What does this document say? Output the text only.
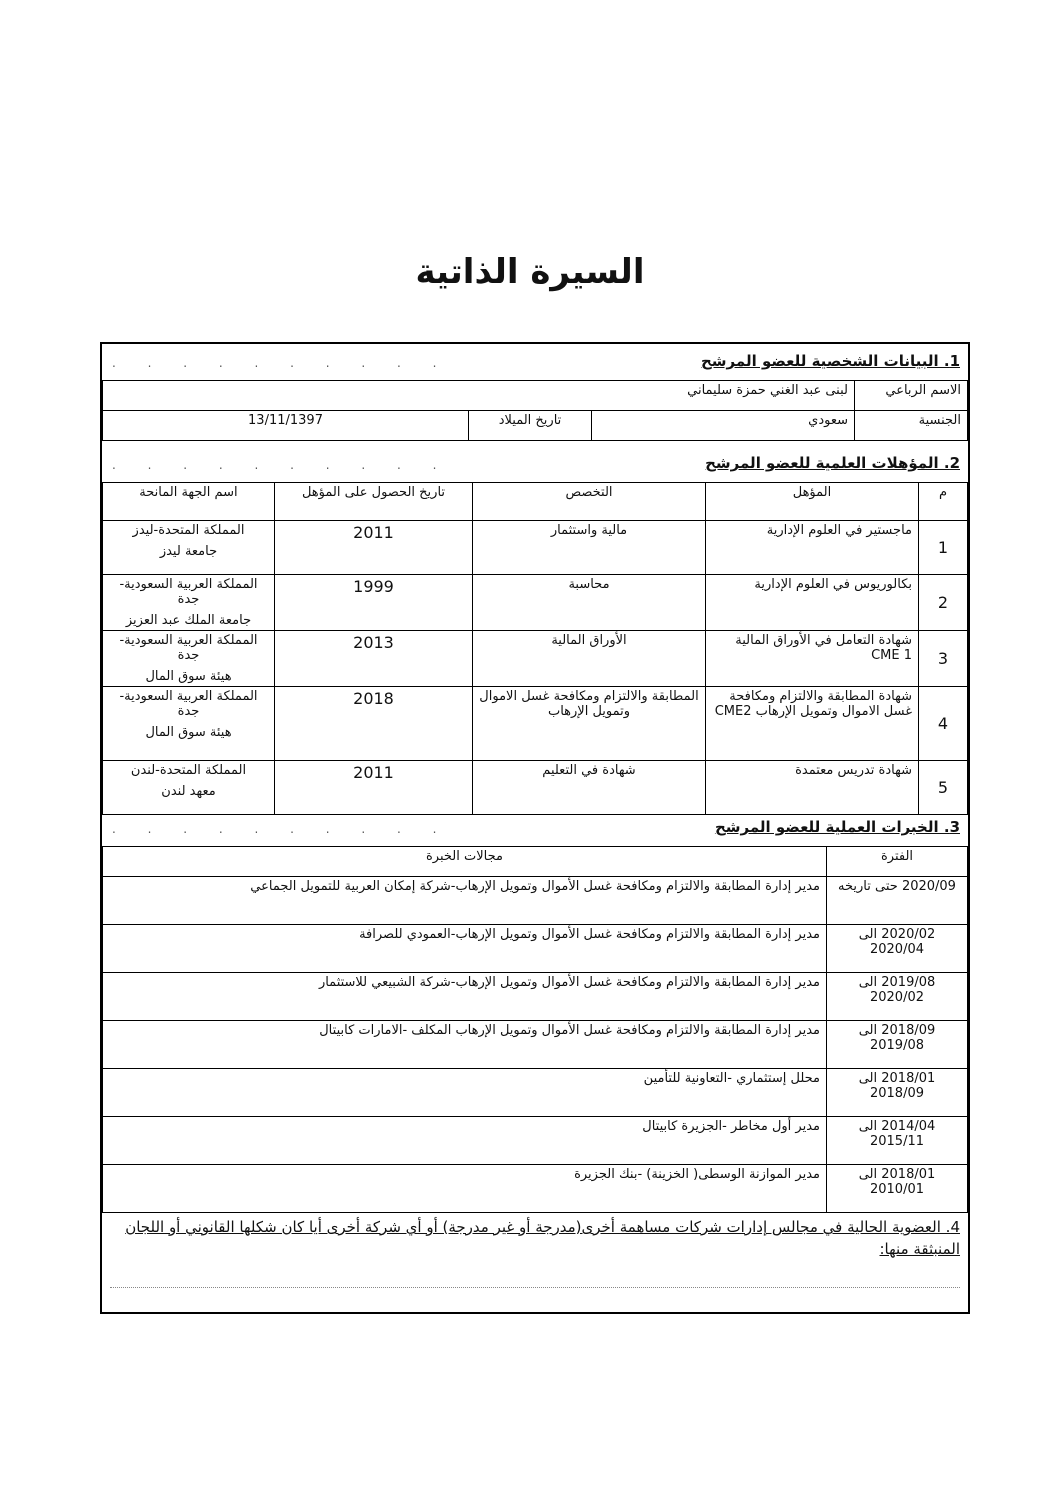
السيرة الذاتية
1. البيانات الشخصية للعضو المرشح
. . . . . . . . . .
الاسم الرباعي	لبنى عبد الغني حمزة سليماني		
الجنسية	سعودي	تاريخ الميلاد	13/11/1397
2. المؤهلات العلمية للعضو المرشح
. . . . . . . . . .
م	المؤهل	التخصص	تاريخ الحصول على المؤهل	اسم الجهة المانحة
1	ماجستير في العلوم الإدارية	مالية واستثمار	2011	المملكة المتحدة-ليدز
جامعة ليدز

2	بكالوريوس في العلوم الإدارية	محاسبة	1999	المملكة العربية السعودية-جدة
جامعة الملك عبد العزيز

3	شهادة التعامل في الأوراق المالية CME 1	الأوراق المالية	2013	المملكة العربية السعودية-جدة
هيئة سوق المال

4	شهادة المطابقة والالتزام ومكافحة غسل الاموال وتمويل الإرهاب CME2	المطابقة والالتزام ومكافحة غسل الاموال وتمويل الإرهاب	2018	المملكة العربية السعودية-جدة
هيئة سوق المال

5	شهادة تدريس معتمدة	شهادة في التعليم	2011	المملكة المتحدة-لندن
معهد لندن
3. الخبرات العملية للعضو المرشح
. . . . . . . . . .
الفترة	مجالات الخبرة
2020/09 حتى تاريخه	مدير إدارة المطابقة والالتزام ومكافحة غسل الأموال وتمويل الإرهاب-شركة إمكان العربية للتمويل الجماعي
2020/02 الى 2020/04	مدير إدارة المطابقة والالتزام ومكافحة غسل الأموال وتمويل الإرهاب-العمودي للصرافة
2019/08 الى 2020/02	مدير إدارة المطابقة والالتزام ومكافحة غسل الأموال وتمويل الإرهاب-شركة الشبيعي للاستثمار
2018/09 الى 2019/08	مدير إدارة المطابقة والالتزام ومكافحة غسل الأموال وتمويل الإرهاب المكلف -الامارات كابيتال
2018/01 الى 2018/09	محلل إستثماري -التعاونية للتأمين
2014/04 الى 2015/11	مدير أول مخاطر -الجزيرة كابيتال
2018/01 الى 2010/01	مدير الموازنة الوسطى( الخزينة) -بنك الجزيرة
4. العضوية الحالية في مجالس إدارات شركات مساهمة أخرى(مدرجة أو غير مدرجة) أو أي شركة أخرى أيا كان شكلها القانوني أو اللجان المنبثقة منها:
